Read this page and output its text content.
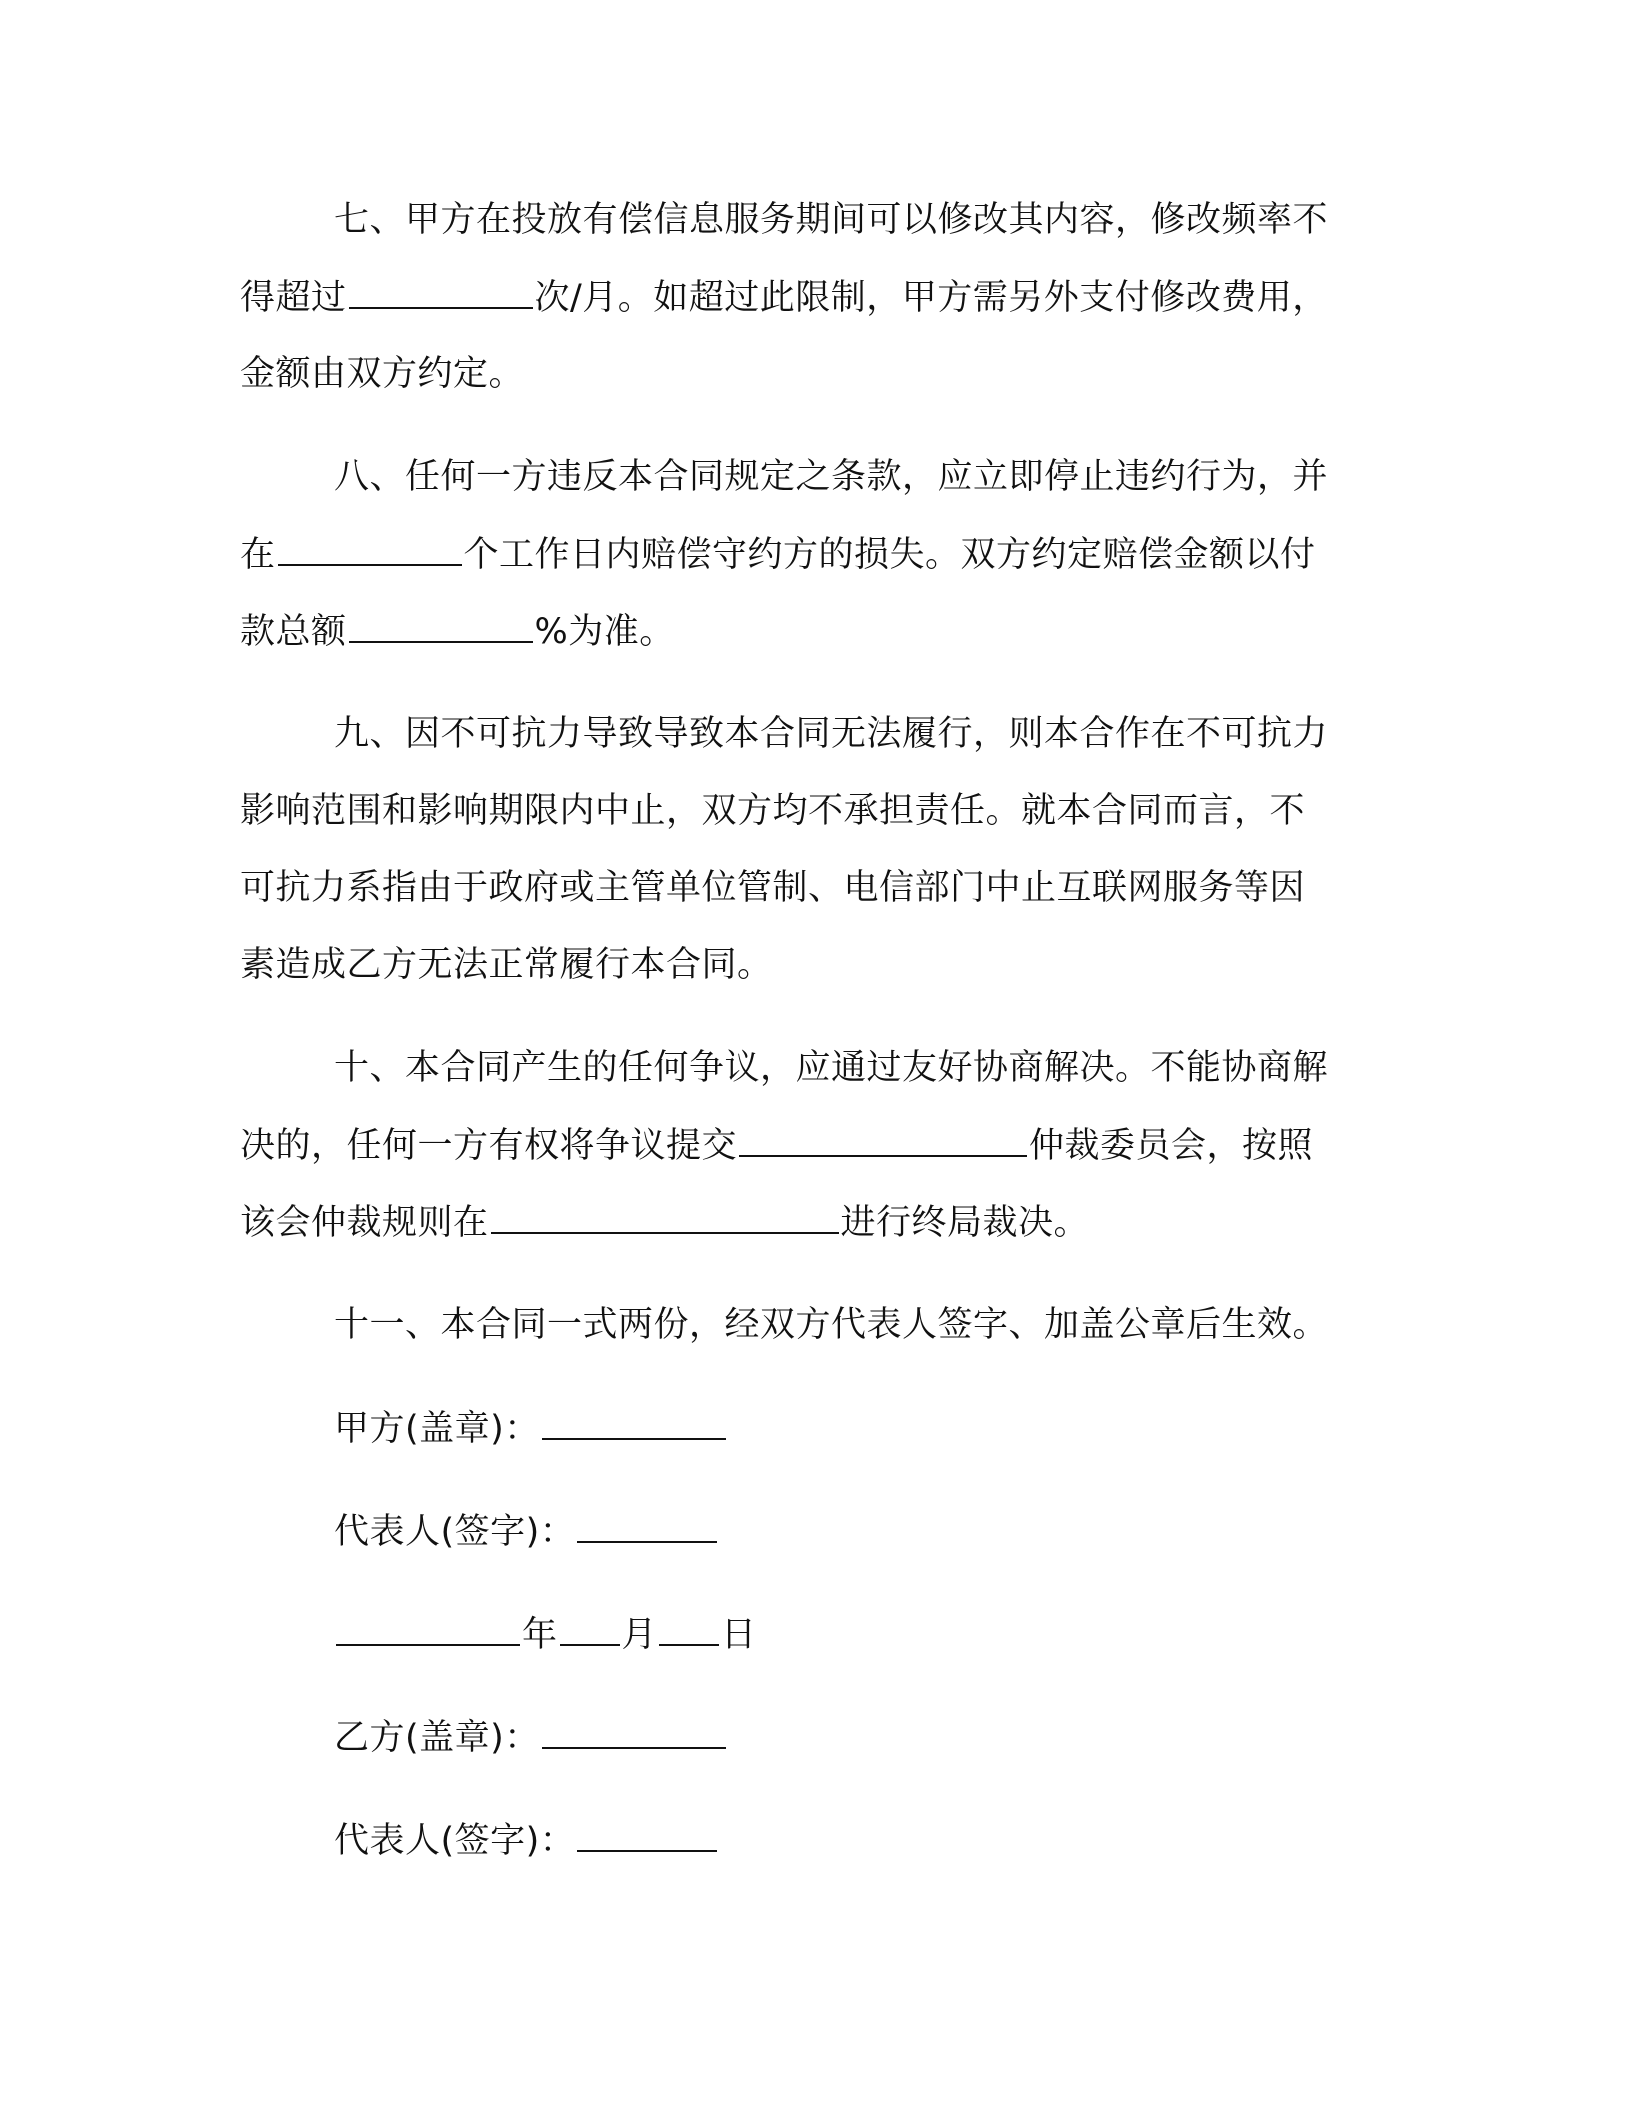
七、甲方在投放有偿信息服务期间可以修改其内容，修改频率不
得超过	次/月。如超过此限制，甲方需另外支付修改费用，
金额由双方约定。
八、任何一方违反本合同规定之条款，应立即停止违约行为，并
在	个工作日内赔偿守约方的损失。双方约定赔偿金额以付
款总额	%为准。
九、因不可抗力导致导致本合同无法履行，则本合作在不可抗力
影响范围和影响期限内中止，双方均不承担责任。就本合同而言，不
可抗力系指由于政府或主管单位管制、电信部门中止互联网服务等因
素造成乙方无法正常履行本合同。
十、本合同产生的任何争议，应通过友好协商解决。不能协商解
决的，任何一方有权将争议提交	仲裁委员会，按照
该会仲裁规则在	进行终局裁决。
十一、本合同一式两份，经双方代表人签字、加盖公章后生效。
甲方(盖章)：
代表人(签字)：
年 月 日
乙方(盖章)：
代表人(签字)：
